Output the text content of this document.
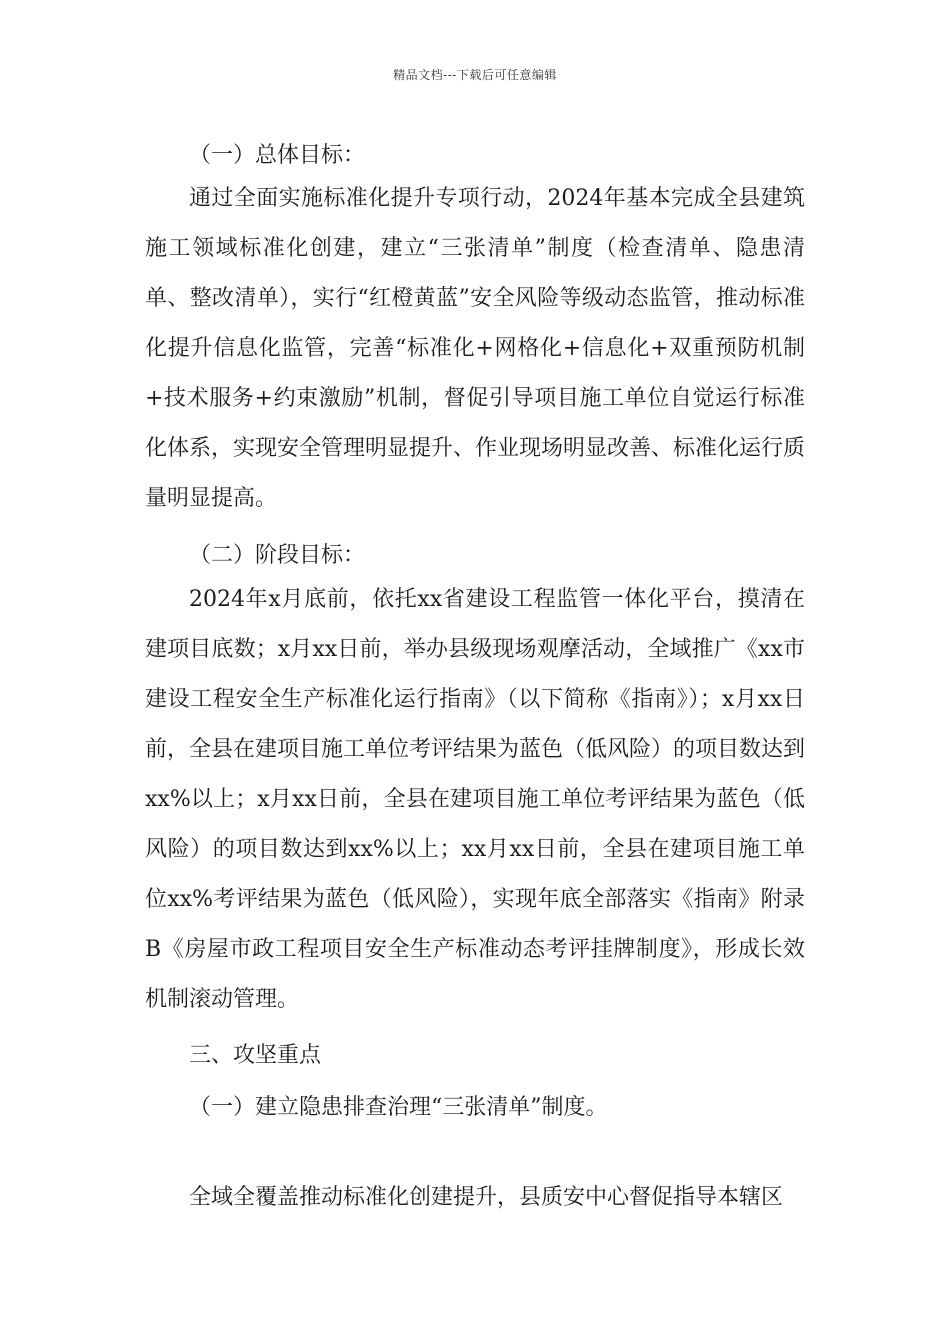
精品文档---下载后可任意编辑
（一）总体目标：
通过全面实施标准化提升专项行动，2024年基本完成全县建筑施工领域标准化创建，建立“三张清单”制度（检查清单、隐患清单、整改清单），实行“红橙黄蓝”安全风险等级动态监管，推动标准化提升信息化监管，完善“标准化+网格化+信息化+双重预防机制+技术服务+约束激励”机制，督促引导项目施工单位自觉运行标准化体系，实现安全管理明显提升、作业现场明显改善、标准化运行质量明显提高。
（二）阶段目标：
2024年x月底前，依托xx省建设工程监管一体化平台，摸清在建项目底数；x月xx日前，举办县级现场观摩活动，全域推广《xx市建设工程安全生产标准化运行指南》（以下简称《指南》）；x月xx日前，全县在建项目施工单位考评结果为蓝色（低风险）的项目数达到xx%以上；x月xx日前，全县在建项目施工单位考评结果为蓝色（低风险）的项目数达到xx%以上；xx月xx日前，全县在建项目施工单位xx%考评结果为蓝色（低风险），实现年底全部落实《指南》附录B《房屋市政工程项目安全生产标准动态考评挂牌制度》，形成长效机制滚动管理。
三、攻坚重点
（一）建立隐患排查治理“三张清单”制度。
全域全覆盖推动标准化创建提升，县质安中心督促指导本辖区
